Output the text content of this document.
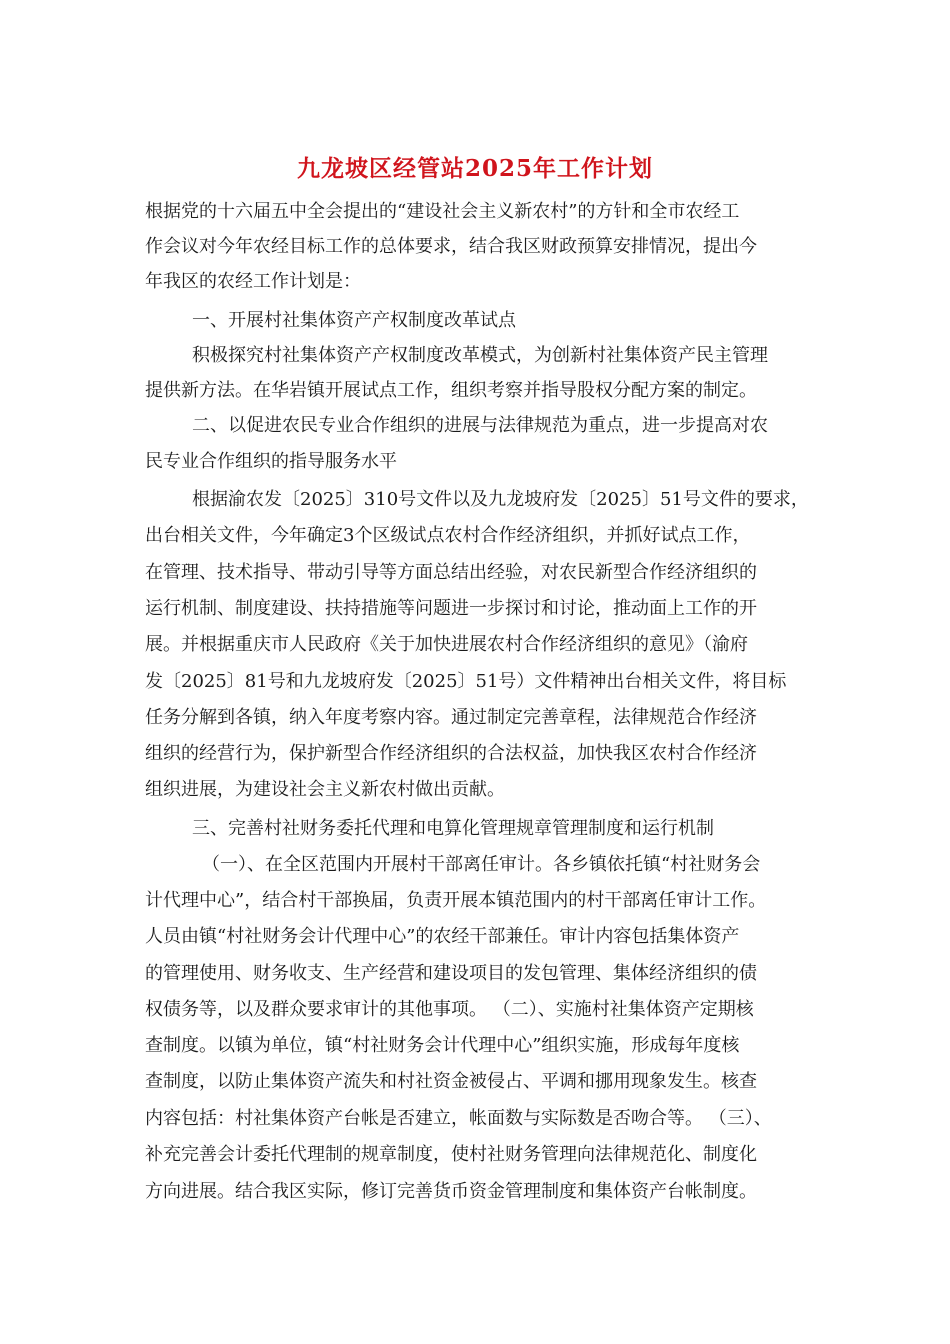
九龙坡区经管站2025年工作计划
根据党的十六届五中全会提出的“建设社会主义新农村”的方针和全市农经工
作会议对今年农经目标工作的总体要求，结合我区财政预算安排情况，提出今
年我区的农经工作计划是：
一、开展村社集体资产产权制度改革试点
积极探究村社集体资产产权制度改革模式，为创新村社集体资产民主管理
提供新方法。在华岩镇开展试点工作，组织考察并指导股权分配方案的制定。
二、以促进农民专业合作组织的进展与法律规范为重点，进一步提高对农
民专业合作组织的指导服务水平
根据渝农发〔2025〕310号文件以及九龙坡府发〔2025〕51号文件的要求，
出台相关文件，今年确定3个区级试点农村合作经济组织，并抓好试点工作，
在管理、技术指导、带动引导等方面总结出经验，对农民新型合作经济组织的
运行机制、制度建设、扶持措施等问题进一步探讨和讨论，推动面上工作的开
展。并根据重庆市人民政府《关于加快进展农村合作经济组织的意见》（渝府
发〔2025〕81号和九龙坡府发〔2025〕51号）文件精神出台相关文件，将目标
任务分解到各镇，纳入年度考察内容。通过制定完善章程，法律规范合作经济
组织的经营行为，保护新型合作经济组织的合法权益，加快我区农村合作经济
组织进展，为建设社会主义新农村做出贡献。
三、完善村社财务委托代理和电算化管理规章管理制度和运行机制
（一）、在全区范围内开展村干部离任审计。各乡镇依托镇“村社财务会
计代理中心”，结合村干部换届，负责开展本镇范围内的村干部离任审计工作。
人员由镇“村社财务会计代理中心”的农经干部兼任。审计内容包括集体资产
的管理使用、财务收支、生产经营和建设项目的发包管理、集体经济组织的债
权债务等，以及群众要求审计的其他事项。 （二）、实施村社集体资产定期核
查制度。以镇为单位，镇“村社财务会计代理中心”组织实施，形成每年度核
查制度，以防止集体资产流失和村社资金被侵占、平调和挪用现象发生。核查
内容包括：村社集体资产台帐是否建立，帐面数与实际数是否吻合等。 （三）、
补充完善会计委托代理制的规章制度，使村社财务管理向法律规范化、制度化
方向进展。结合我区实际，修订完善货币资金管理制度和集体资产台帐制度。
